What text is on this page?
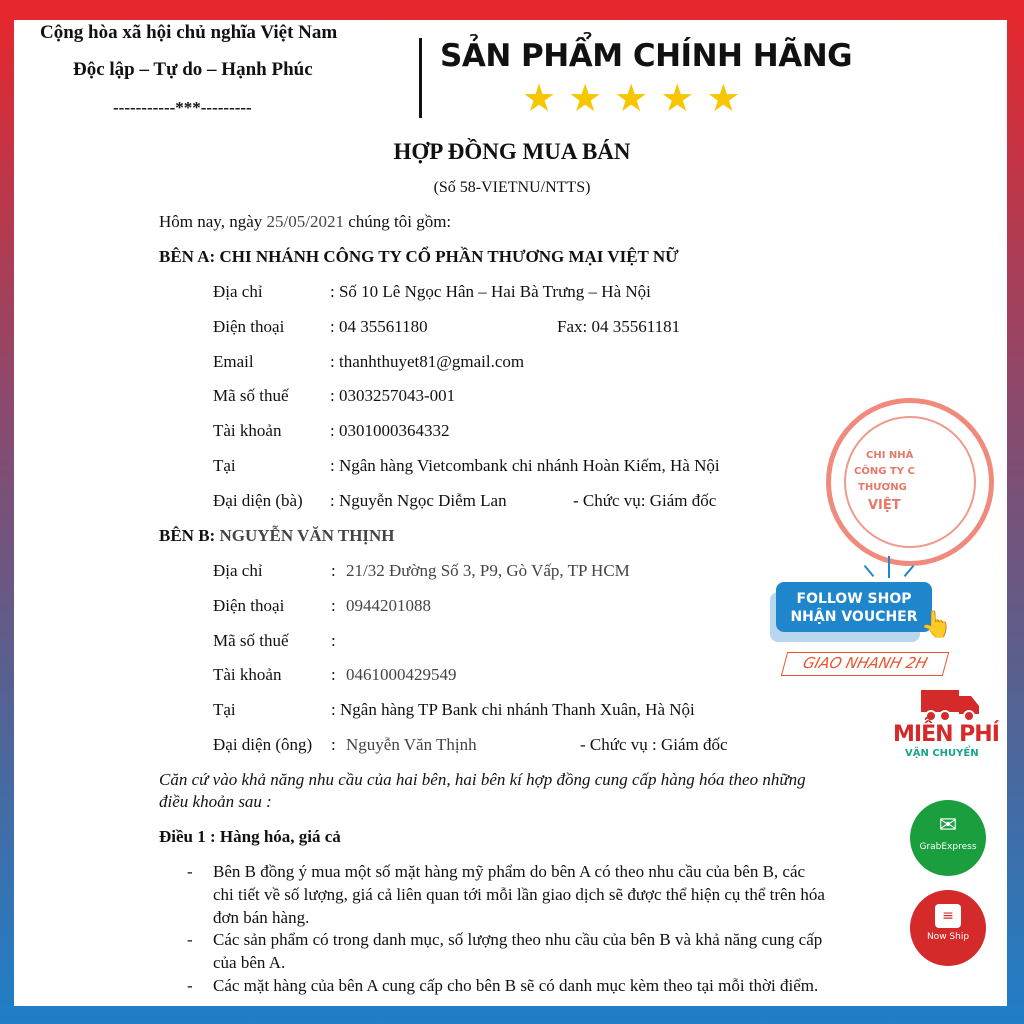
Cộng hòa xã hội chủ nghĩa Việt Nam
Độc lập – Tự do – Hạnh Phúc
-----------***---------
SẢN PHẨM CHÍNH HÃNG
★ ★ ★ ★ ★
HỢP ĐỒNG MUA BÁN
(Số 58-VIETNU/NTTS)
Hôm nay, ngày 25/05/2021 chúng tôi gồm:
BÊN A: CHI NHÁNH CÔNG TY CỔ PHẦN THƯƠNG MẠI VIỆT NỮ
Địa chỉ	: Số 10 Lê Ngọc Hân – Hai Bà Trưng – Hà Nội
Điện thoại	: 04 35561180	Fax: 04 35561181
Email	: thanhthuyet81@gmail.com
Mã số thuế : 0303257043-001
Tài khoản	: 0301000364332
Tại	: Ngân hàng Vietcombank chi nhánh Hoàn Kiếm, Hà Nội
Đại diện (bà) : Nguyễn Ngọc Diễm Lan	- Chức vụ: Giám đốc
BÊN B: NGUYỄN VĂN THỊNH
Địa chỉ	: 21/32 Đường Số 3, P9, Gò Vấp, TP HCM
Điện thoại	: 0944201088
Mã số thuế :
Tài khoản	: 0461000429549
Tại	: Ngân hàng TP Bank chi nhánh Thanh Xuân, Hà Nội
Đại diện (ông) : Nguyễn Văn Thịnh	- Chức vụ : Giám đốc
Căn cứ vào khả năng nhu cầu của hai bên, hai bên kí hợp đồng cung cấp hàng hóa theo những
điều khoản sau :
Điều 1 : Hàng hóa, giá cả
- Bên B đồng ý mua một số mặt hàng mỹ phẩm do bên A có theo nhu cầu của bên B, các
chi tiết về số lượng, giá cả liên quan tới mỗi lần giao dịch sẽ được thể hiện cụ thể trên hóa
đơn bán hàng.
- Các sản phẩm có trong danh mục, số lượng theo nhu cầu của bên B và khả năng cung cấp
của bên A.
- Các mặt hàng của bên A cung cấp cho bên B sẽ có danh mục kèm theo tại mỗi thời điểm.
CHI NHÁ
CÔNG TY C
THƯƠNG
VIỆT
FOLLOW SHOP
NHẬN VOUCHER 👆
GIAO NHANH 2H
MIỄN PHÍ
VẬN CHUYỂN
✉
GrabExpress
≡
Now Ship
